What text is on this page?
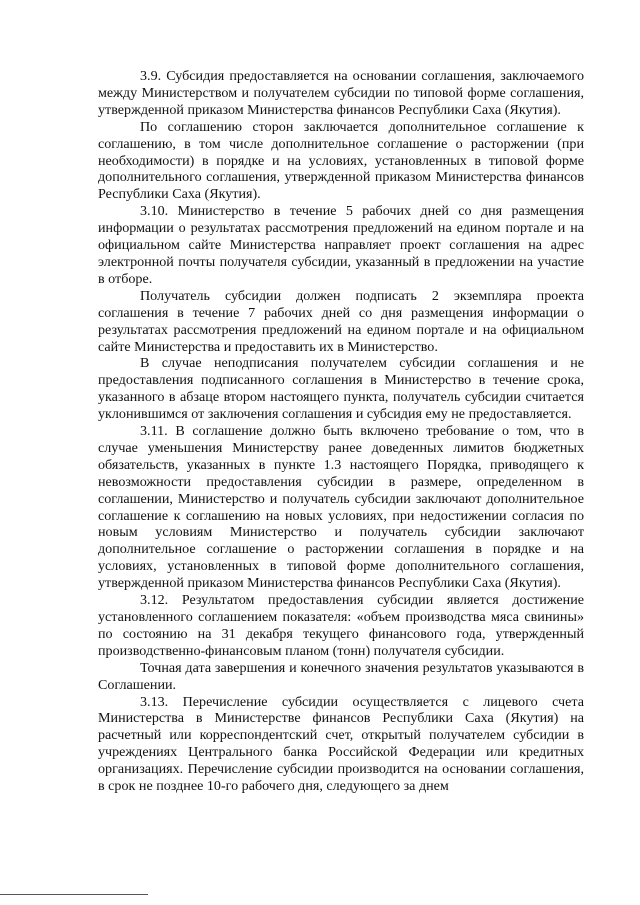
3.9. Субсидия предоставляется на основании соглашения, заключаемого между Министерством и получателем субсидии по типовой форме соглашения, утвержденной приказом Министерства финансов Республики Саха (Якутия).

По соглашению сторон заключается дополнительное соглашение к соглашению, в том числе дополнительное соглашение о расторжении (при необходимости) в порядке и на условиях, установленных в типовой форме дополнительного соглашения, утвержденной приказом Министерства финансов Республики Саха (Якутия).

3.10. Министерство в течение 5 рабочих дней со дня размещения информации о результатах рассмотрения предложений на едином портале и на официальном сайте Министерства направляет проект соглашения на адрес электронной почты получателя субсидии, указанный в предложении на участие в отборе.

Получатель субсидии должен подписать 2 экземпляра проекта соглашения в течение 7 рабочих дней со дня размещения информации о результатах рассмотрения предложений на едином портале и на официальном сайте Министерства и предоставить их в Министерство.

В случае неподписания получателем субсидии соглашения и не предоставления подписанного соглашения в Министерство в течение срока, указанного в абзаце втором настоящего пункта, получатель субсидии считается уклонившимся от заключения соглашения и субсидия ему не предоставляется.

3.11. В соглашение должно быть включено требование о том, что в случае уменьшения Министерству ранее доведенных лимитов бюджетных обязательств, указанных в пункте 1.3 настоящего Порядка, приводящего к невозможности предоставления субсидии в размере, определенном в соглашении, Министерство и получатель субсидии заключают дополнительное соглашение к соглашению на новых условиях, при недостижении согласия по новым условиям Министерство и получатель субсидии заключают дополнительное соглашение о расторжении соглашения в порядке и на условиях, установленных в типовой форме дополнительного соглашения, утвержденной приказом Министерства финансов Республики Саха (Якутия).

3.12. Результатом предоставления субсидии является достижение установленного соглашением показателя: «объем производства мяса свинины» по состоянию на 31 декабря текущего финансового года, утвержденный производственно-финансовым планом (тонн) получателя субсидии.

Точная дата завершения и конечного значения результатов указываются в Соглашении.

3.13. Перечисление субсидии осуществляется с лицевого счета Министерства в Министерстве финансов Республики Саха (Якутия) на расчетный или корреспондентский счет, открытый получателем субсидии в учреждениях Центрального банка Российской Федерации или кредитных организациях. Перечисление субсидии производится на основании соглашения, в срок не позднее 10-го рабочего дня, следующего за днем
